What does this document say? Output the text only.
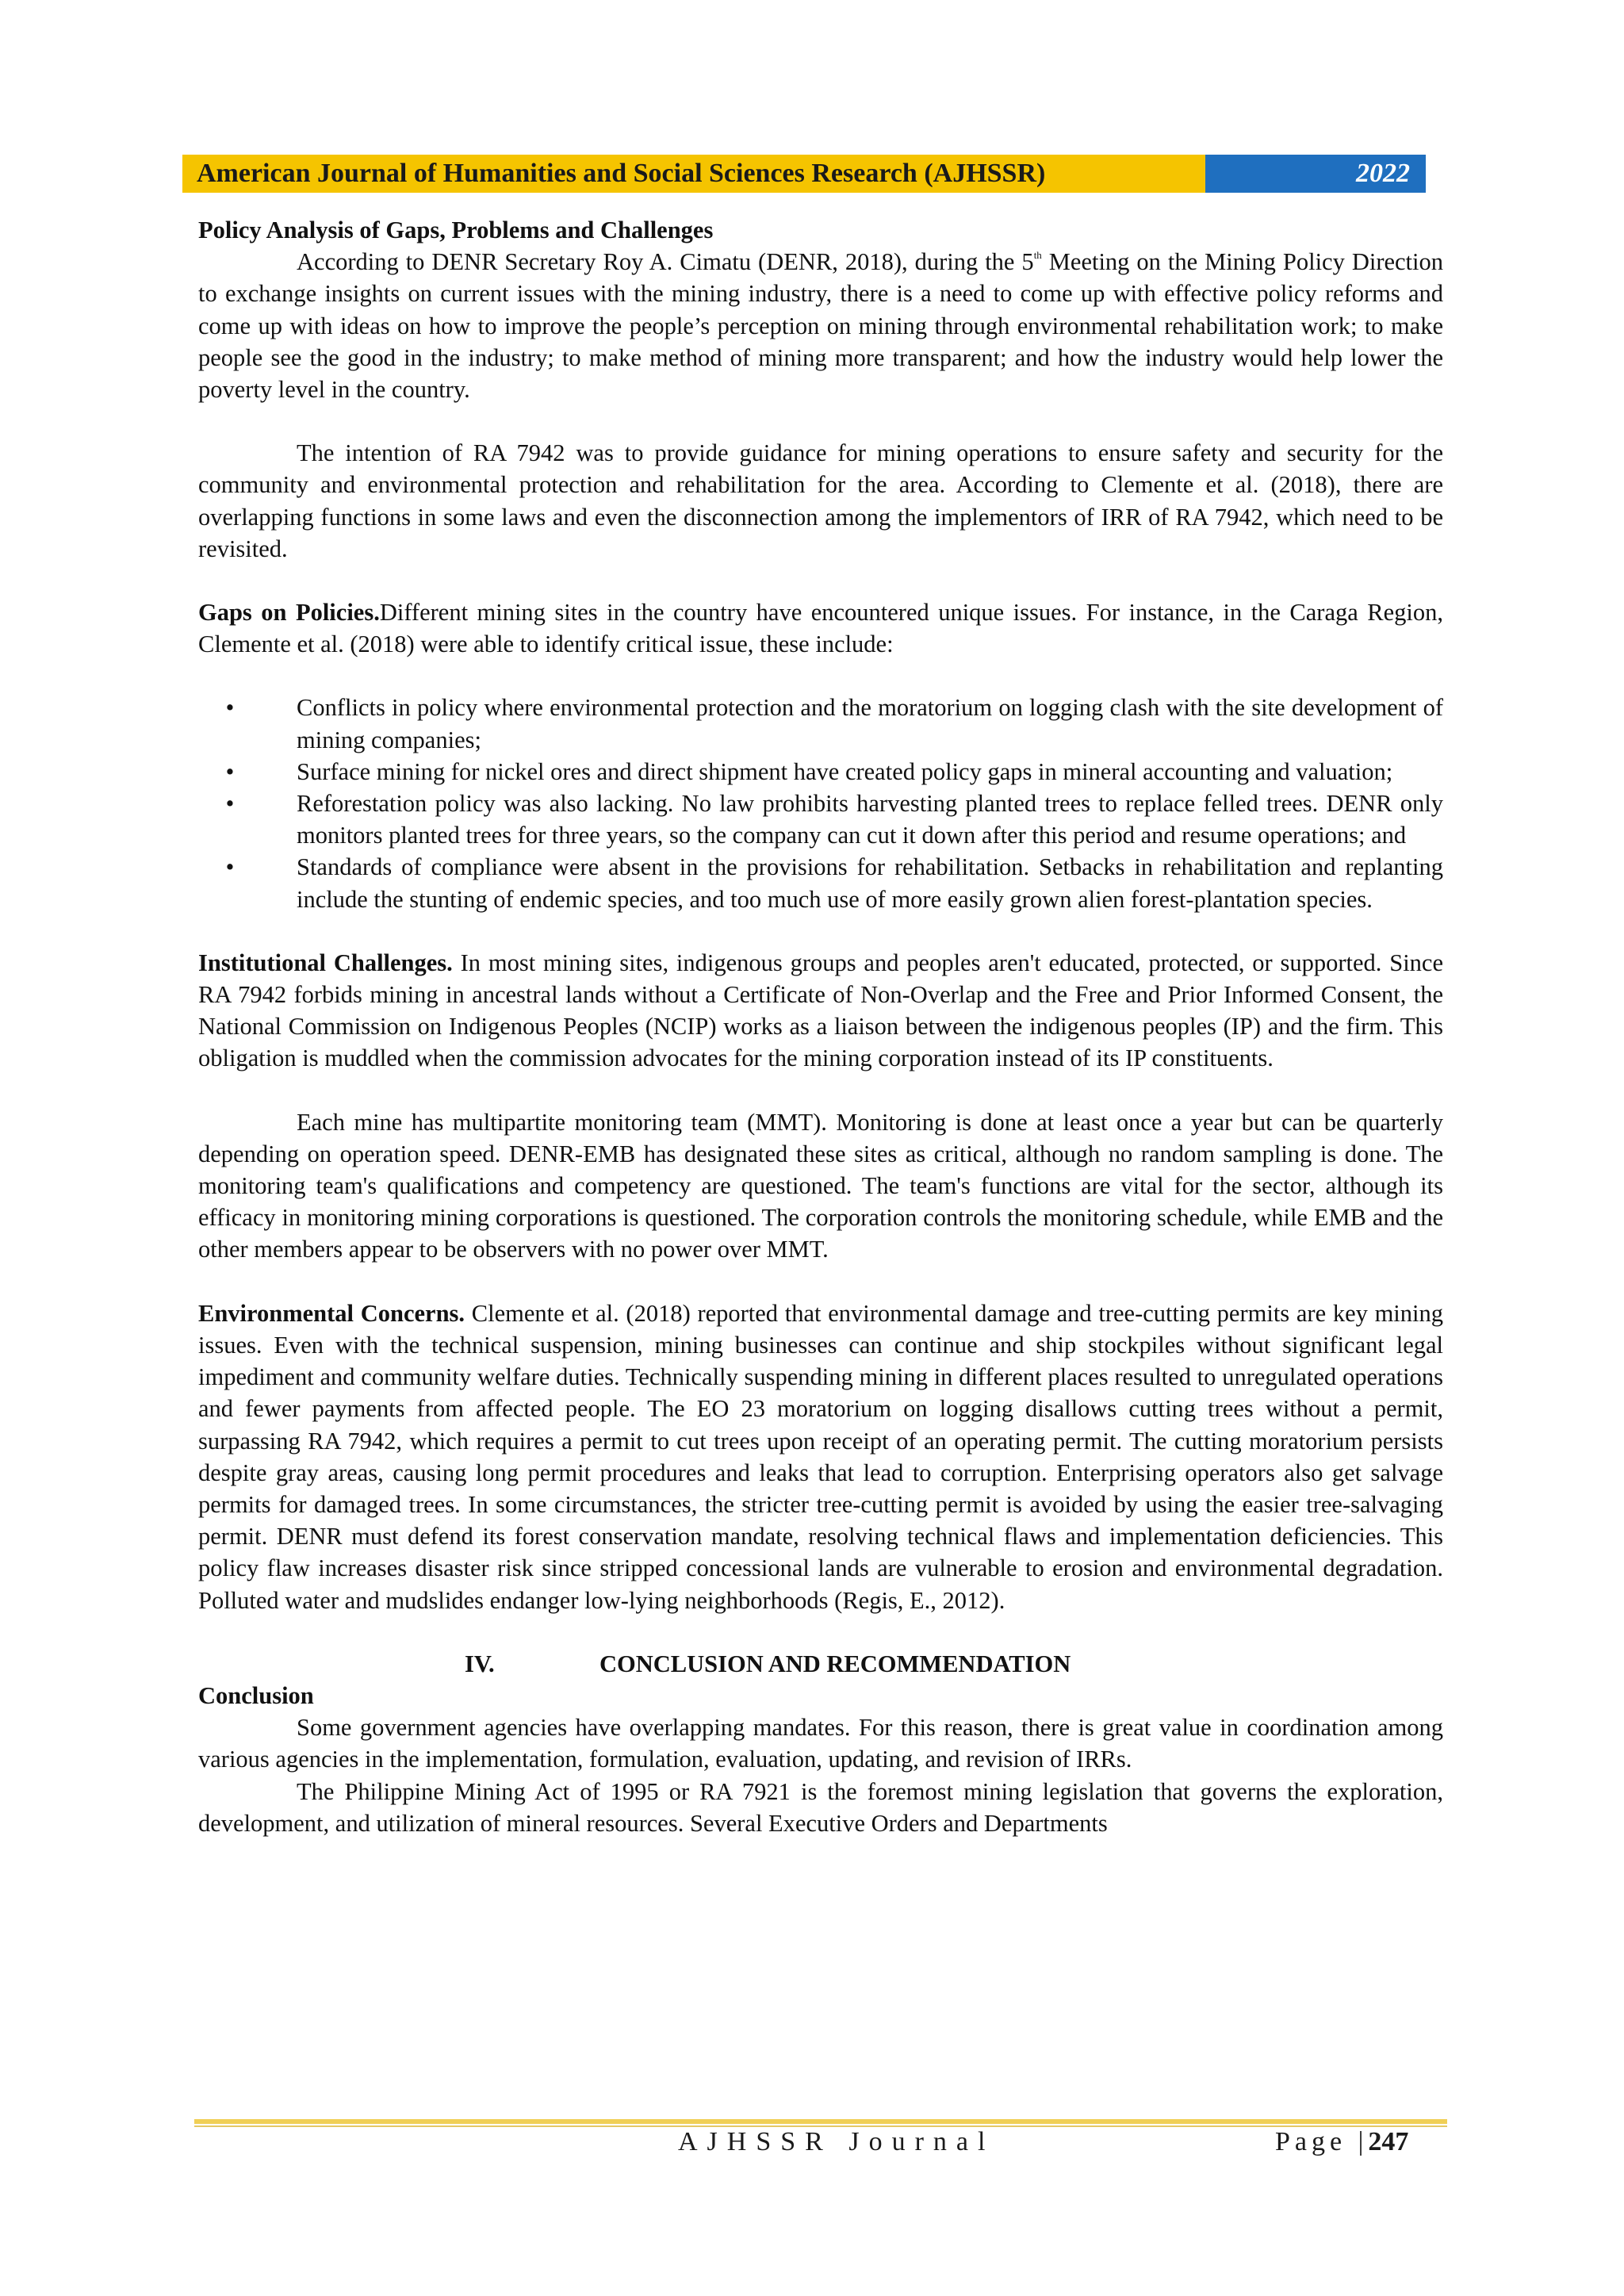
American Journal of Humanities and Social Sciences Research (AJHSSR)	2022

Policy Analysis of Gaps, Problems and Challenges

According to DENR Secretary Roy A. Cimatu (DENR, 2018), during the 5th Meeting on the Mining Policy Direction to exchange insights on current issues with the mining industry, there is a need to come up with effective policy reforms and come up with ideas on how to improve the people’s perception on mining through environmental rehabilitation work; to make people see the good in the industry; to make method of mining more transparent; and how the industry would help lower the poverty level in the country.

The intention of RA 7942 was to provide guidance for mining operations to ensure safety and security for the community and environmental protection and rehabilitation for the area. According to Clemente et al. (2018), there are overlapping functions in some laws and even the disconnection among the implementors of IRR of RA 7942, which need to be revisited.

Gaps on Policies.Different mining sites in the country have encountered unique issues. For instance, in the Caraga Region, Clemente et al. (2018) were able to identify critical issue, these include:

•	Conflicts in policy where environmental protection and the moratorium on logging clash with the site development of mining companies;
•	Surface mining for nickel ores and direct shipment have created policy gaps in mineral accounting and valuation;
•	Reforestation policy was also lacking. No law prohibits harvesting planted trees to replace felled trees. DENR only monitors planted trees for three years, so the company can cut it down after this period and resume operations; and
•	Standards of compliance were absent in the provisions for rehabilitation. Setbacks in rehabilitation and replanting include the stunting of endemic species, and too much use of more easily grown alien forest-plantation species.

Institutional Challenges. In most mining sites, indigenous groups and peoples aren't educated, protected, or supported. Since RA 7942 forbids mining in ancestral lands without a Certificate of Non-Overlap and the Free and Prior Informed Consent, the National Commission on Indigenous Peoples (NCIP) works as a liaison between the indigenous peoples (IP) and the firm. This obligation is muddled when the commission advocates for the mining corporation instead of its IP constituents.

Each mine has multipartite monitoring team (MMT). Monitoring is done at least once a year but can be quarterly depending on operation speed. DENR-EMB has designated these sites as critical, although no random sampling is done. The monitoring team's qualifications and competency are questioned. The team's functions are vital for the sector, although its efficacy in monitoring mining corporations is questioned. The corporation controls the monitoring schedule, while EMB and the other members appear to be observers with no power over MMT.

Environmental Concerns. Clemente et al. (2018) reported that environmental damage and tree-cutting permits are key mining issues. Even with the technical suspension, mining businesses can continue and ship stockpiles without significant legal impediment and community welfare duties. Technically suspending mining in different places resulted to unregulated operations and fewer payments from affected people. The EO 23 moratorium on logging disallows cutting trees without a permit, surpassing RA 7942, which requires a permit to cut trees upon receipt of an operating permit. The cutting moratorium persists despite gray areas, causing long permit procedures and leaks that lead to corruption. Enterprising operators also get salvage permits for damaged trees. In some circumstances, the stricter tree-cutting permit is avoided by using the easier tree-salvaging permit. DENR must defend its forest conservation mandate, resolving technical flaws and implementation deficiencies. This policy flaw increases disaster risk since stripped concessional lands are vulnerable to erosion and environmental degradation. Polluted water and mudslides endanger low-lying neighborhoods (Regis, E., 2012).

IV.	CONCLUSION AND RECOMMENDATION

Conclusion

Some government agencies have overlapping mandates. For this reason, there is great value in coordination among various agencies in the implementation, formulation, evaluation, updating, and revision of IRRs.

The Philippine Mining Act of 1995 or RA 7921 is the foremost mining legislation that governs the exploration, development, and utilization of mineral resources. Several Executive Orders and Departments

AJHSSR Journal	Page |247
